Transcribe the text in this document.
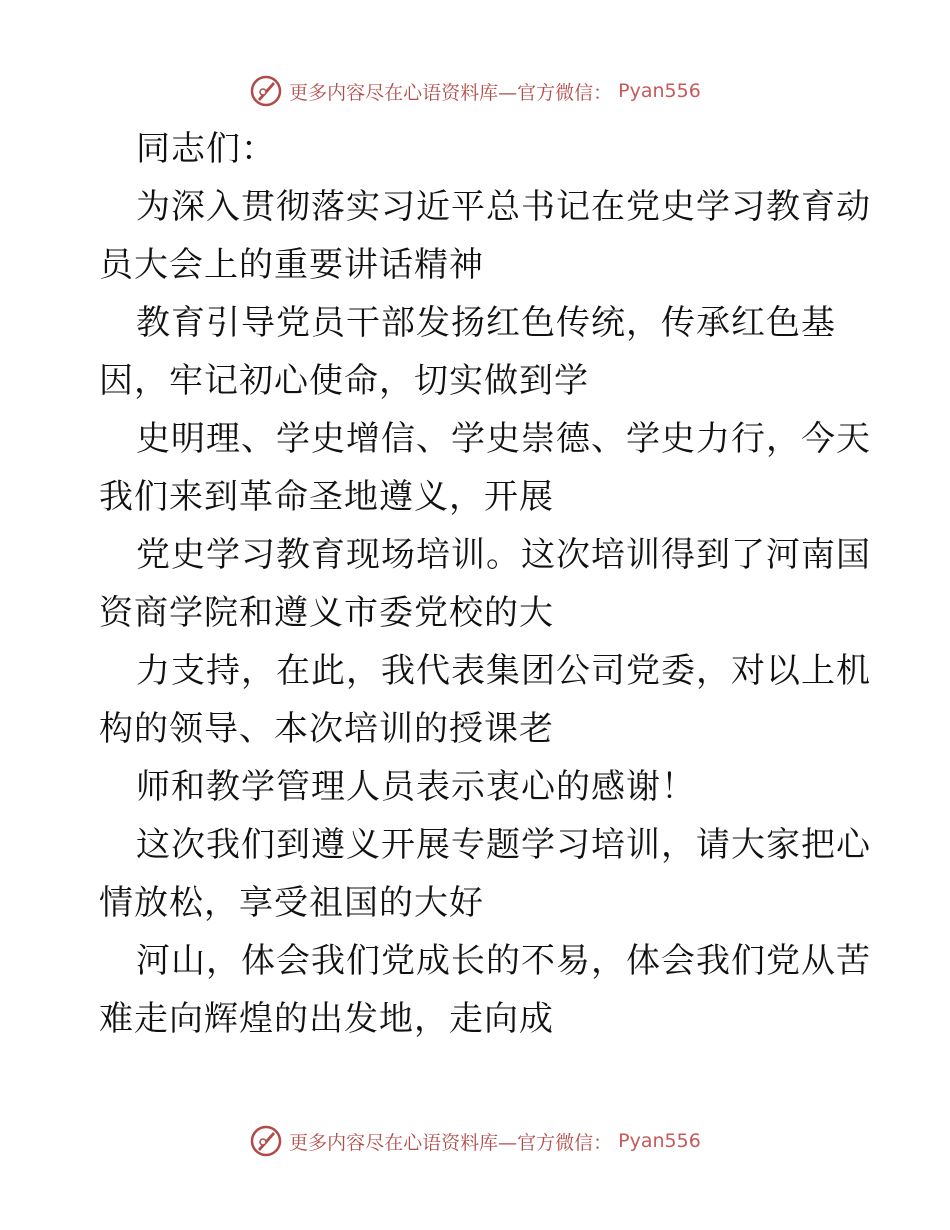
更多内容尽在心语资料库—官方微信： Pyan556
同志们：
为深入贯彻落实习近平总书记在党史学习教育动
员大会上的重要讲话精神
教育引导党员干部发扬红色传统，传承红色基
因，牢记初心使命，切实做到学
史明理、学史增信、学史崇德、学史力行，今天
我们来到革命圣地遵义，开展
党史学习教育现场培训。这次培训得到了河南国
资商学院和遵义市委党校的大
力支持，在此，我代表集团公司党委，对以上机
构的领导、本次培训的授课老
师和教学管理人员表示衷心的感谢！
这次我们到遵义开展专题学习培训，请大家把心
情放松，享受祖国的大好
河山，体会我们党成长的不易，体会我们党从苦
难走向辉煌的出发地，走向成
更多内容尽在心语资料库—官方微信： Pyan556
